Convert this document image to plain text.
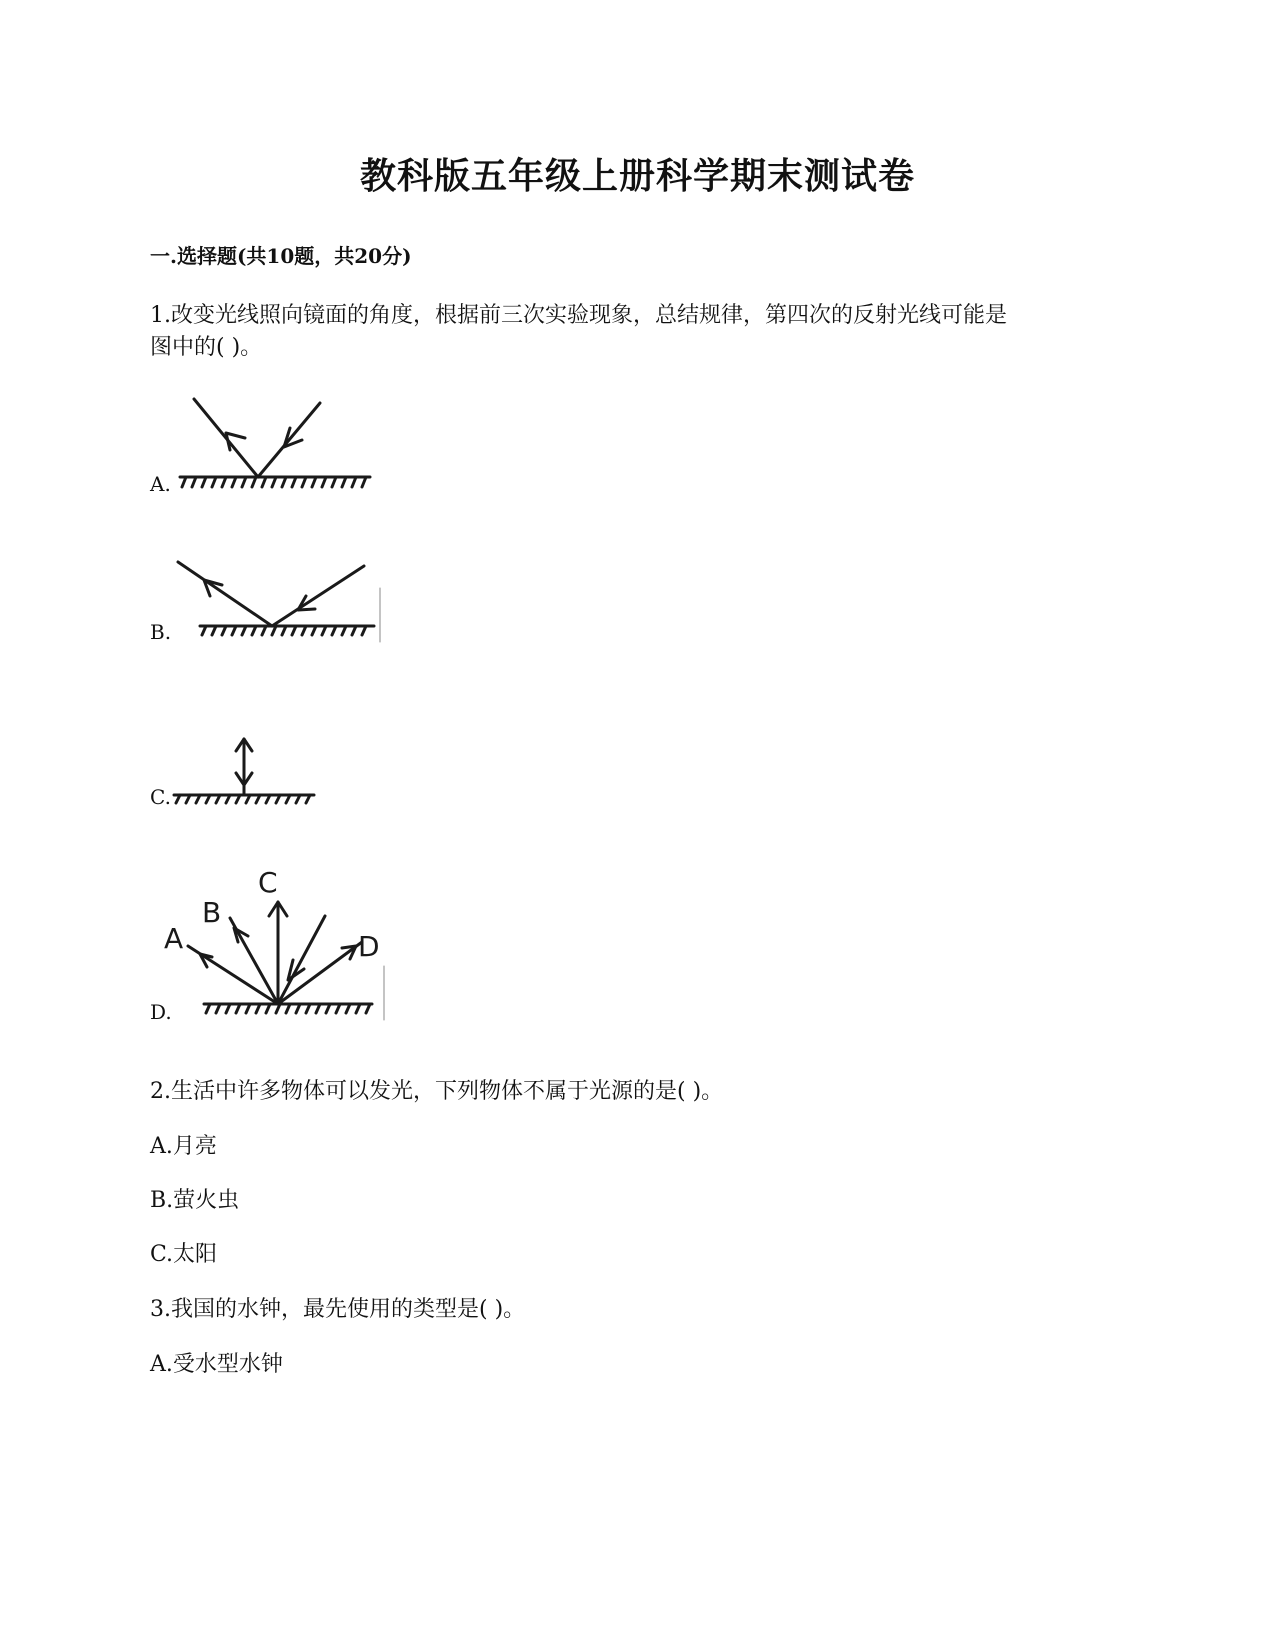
教科版五年级上册科学期末测试卷
一.选择题(共10题，共20分)
1.改变光线照向镜面的角度，根据前三次实验现象，总结规律，第四次的反射光线可能是
图中的( )。
A.
B.
C.
D.
A
B
C
D
2.生活中许多物体可以发光，下列物体不属于光源的是( )。
A.月亮
B.萤火虫
C.太阳
3.我国的水钟，最先使用的类型是( )。
A.受水型水钟
